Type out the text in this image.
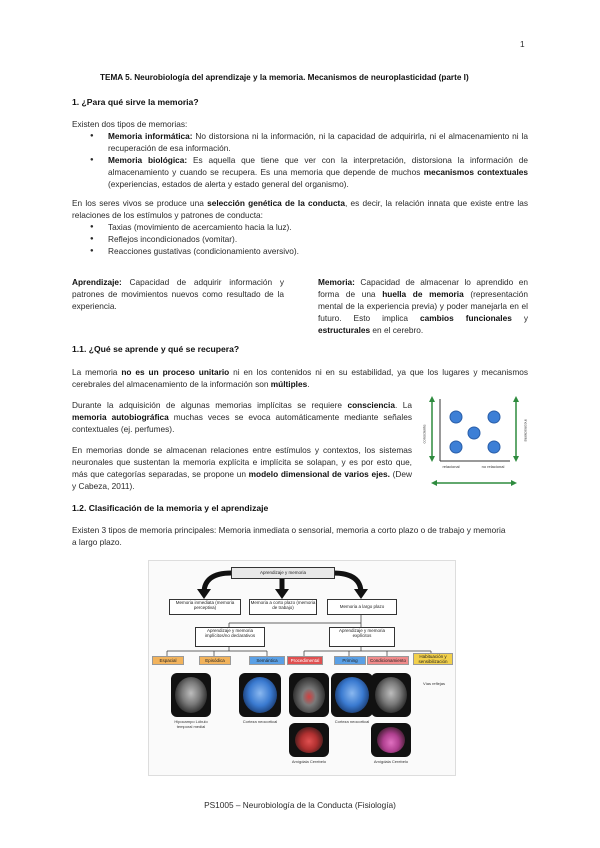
1
TEMA 5. Neurobiología del aprendizaje y la memoria. Mecanismos de neuroplasticidad (parte I)
1. ¿Para qué sirve la memoria?
Existen dos tipos de memorias:
● Memoria informática: No distorsiona ni la información, ni la capacidad de adquirirla, ni el almacenamiento ni la recuperación de esa información.
● Memoria biológica: Es aquella que tiene que ver con la interpretación, distorsiona la información de almacenamiento y cuando se recupera. Es una memoria que depende de muchos mecanismos contextuales (experiencias, estados de alerta y estado general del organismo).
En los seres vivos se produce una selección genética de la conducta, es decir, la relación innata que existe entre las relaciones de los estímulos y patrones de conducta:
● Taxias (movimiento de acercamiento hacia la luz).
● Reflejos incondicionados (vomitar).
● Reacciones gustativas (condicionamiento aversivo).
Aprendizaje: Capacidad de adquirir información y patrones de movimientos nuevos como resultado de la experiencia.
Memoria: Capacidad de almacenar lo aprendido en forma de una huella de memoria (representación mental de la experiencia previa) y poder manejarla en el futuro. Esto implica cambios funcionales y estructurales en el cerebro.
1.1. ¿Qué se aprende y qué se recupera?
La memoria no es un proceso unitario ni en los contenidos ni en su estabilidad, ya que los lugares y mecanismos cerebrales del almacenamiento de la información son múltiples.
Durante la adquisición de algunas memorias implícitas se requiere consciencia. La memoria autobiográfica muchas veces se evoca automáticamente mediante señales contextuales (ej. perfumes).
En memorias donde se almacenan relaciones entre estímulos y contextos, los sistemas neuronales que sustentan la memoria explícita e implícita se solapan, y es por esto que, más que categorías separadas, se propone un modelo dimensional de varios ejes. (Dew y Cabeza, 2011).
consciente	inconsciente
relacional	no relacional
1.2. Clasificación de la memoria y el aprendizaje
Existen 3 tipos de memoria principales: Memoria inmediata o sensorial, memoria a corto plazo o de trabajo y memoria a largo plazo.
Aprendizaje y memoria
Memoria inmediata (memoria perceptiva)
Memoria a corto plazo (memoria de trabajo)	Memoria a largo plazo
Aprendizaje y memoria implícitos/no declarativos
Aprendizaje y memoria explícitos
Espacial	Episódica	Semántica	Procedimental	Priming	Condicionamiento
Habituación y sensibilización
Hipocampo Lóbulo temporal medial
Corteza neocortical	Corteza neocortical
Vías reflejas
Amígdala Cerebelo	Amígdala Cerebelo
PS1005 – Neurobiología de la Conducta (Fisiología)
